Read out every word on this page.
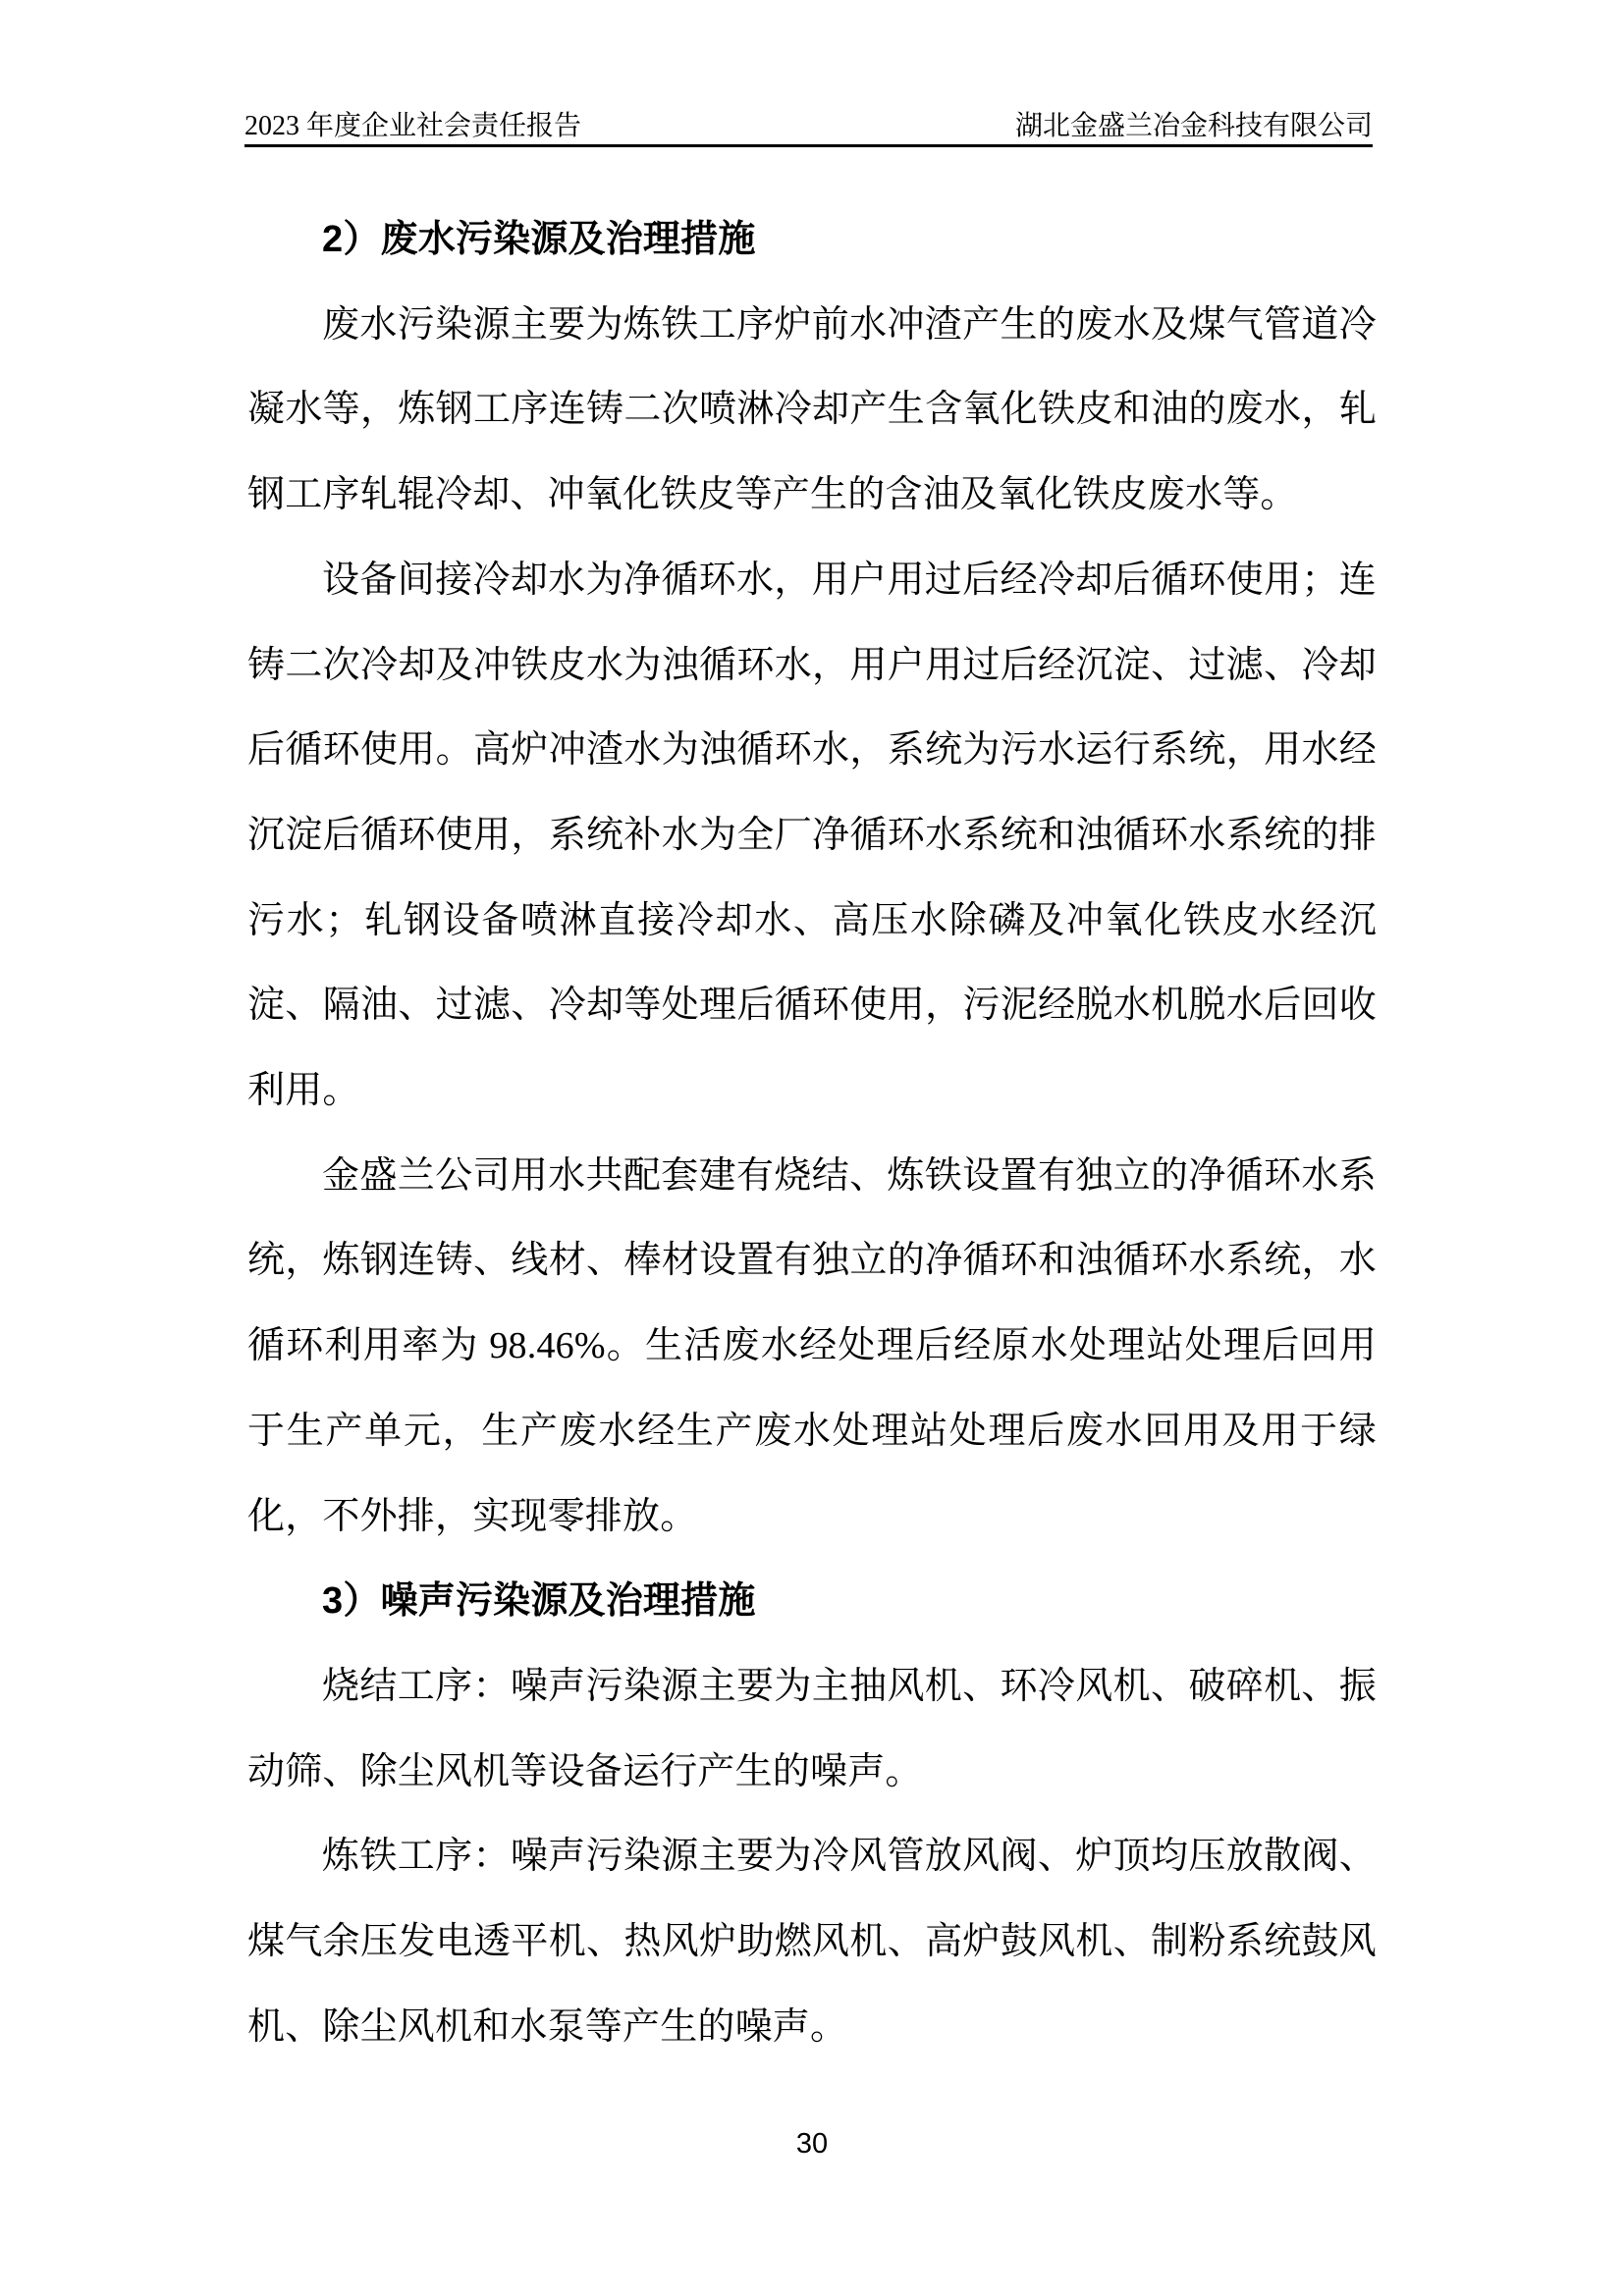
2023 年度企业社会责任报告	湖北金盛兰冶金科技有限公司
2）废水污染源及治理措施

废水污染源主要为炼铁工序炉前水冲渣产生的废水及煤气管道冷凝水等，炼钢工序连铸二次喷淋冷却产生含氧化铁皮和油的废水，轧钢工序轧辊冷却、冲氧化铁皮等产生的含油及氧化铁皮废水等。

设备间接冷却水为净循环水，用户用过后经冷却后循环使用；连铸二次冷却及冲铁皮水为浊循环水，用户用过后经沉淀、过滤、冷却后循环使用。高炉冲渣水为浊循环水，系统为污水运行系统，用水经沉淀后循环使用，系统补水为全厂净循环水系统和浊循环水系统的排污水；轧钢设备喷淋直接冷却水、高压水除磷及冲氧化铁皮水经沉淀、隔油、过滤、冷却等处理后循环使用，污泥经脱水机脱水后回收利用。

金盛兰公司用水共配套建有烧结、炼铁设置有独立的净循环水系统，炼钢连铸、线材、棒材设置有独立的净循环和浊循环水系统，水循环利用率为 98.46%。生活废水经处理后经原水处理站处理后回用于生产单元，生产废水经生产废水处理站处理后废水回用及用于绿化，不外排，实现零排放。

3）噪声污染源及治理措施

烧结工序：噪声污染源主要为主抽风机、环冷风机、破碎机、振动筛、除尘风机等设备运行产生的噪声。

炼铁工序：噪声污染源主要为冷风管放风阀、炉顶均压放散阀、煤气余压发电透平机、热风炉助燃风机、高炉鼓风机、制粉系统鼓风机、除尘风机和水泵等产生的噪声。

30
